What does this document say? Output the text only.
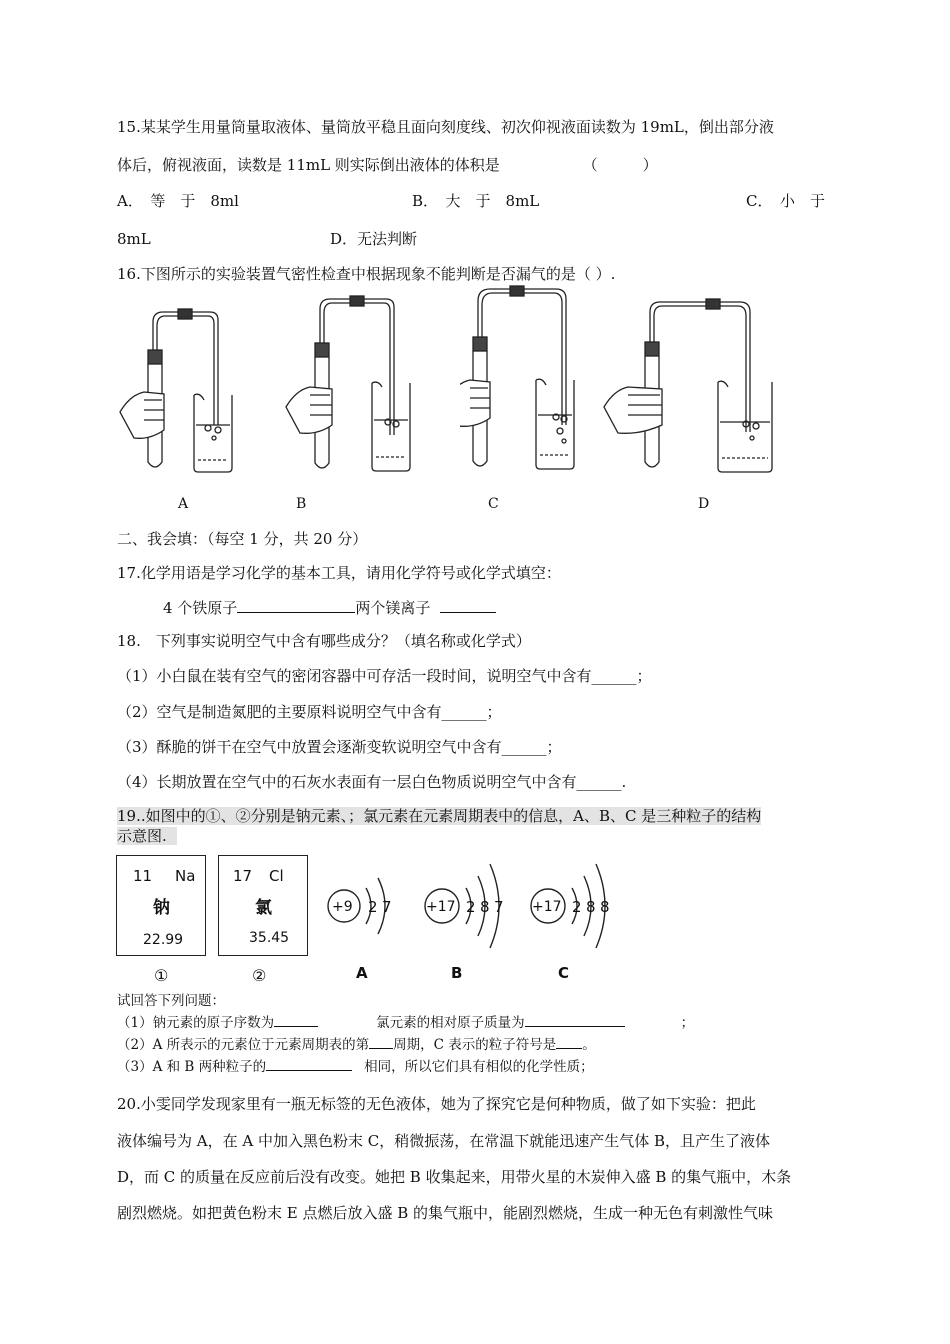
15.某某学生用量筒量取液体、量筒放平稳且面向刻度线、初次仰视液面读数为 19mL，倒出部分液
体后，俯视液面，读数是 11mL 则实际倒出液体的体积是	（　　　）
A．　等　于　8ml	B．　大　于　8mL	C．　小　于
8mL	D．无法判断
16.下图所示的实验装置气密性检查中根据现象不能判断是否漏气的是（ ）.
A	B	C	D
二、我会填：（每空 1 分，共 20 分）
17.化学用语是学习化学的基本工具，请用化学符号或化学式填空：
4 个铁原子	两个镁离子
18.　下列事实说明空气中含有哪些成分？（填名称或化学式）
（1）小白鼠在装有空气的密闭容器中可存活一段时间，说明空气中含有______；
（2）空气是制造氮肥的主要原料说明空气中含有______；
（3）酥脆的饼干在空气中放置会逐渐变软说明空气中含有______；
（4）长期放置在空气中的石灰水表面有一层白色物质说明空气中含有______.
19..如图中的①、②分别是钠元素、；氯元素在元素周期表中的信息，A、B、C 是三种粒子的结构
示意图.
11 Na
钠
22.99
①
17 Cl
氯
35.45
②
+9 2 7 +17 2 8 7 +17 2 8 8
A	B	C
试回答下列问题：
（1）钠元素的原子序数为	氯元素的相对原子质量为	；
（2）A 所表示的元素位于元素周期表的第 周期，C 表示的粒子符号是 。
（3）A 和 B 两种粒子的	相同，所以它们具有相似的化学性质；
20.小雯同学发现家里有一瓶无标签的无色液体，她为了探究它是何种物质，做了如下实验：把此
液体编号为 A，在 A 中加入黑色粉末 C，稍微振荡，在常温下就能迅速产生气体 B，且产生了液体
D，而 C 的质量在反应前后没有改变。她把 B 收集起来，用带火星的木炭伸入盛 B 的集气瓶中，木条
剧烈燃烧。如把黄色粉末 E 点燃后放入盛 B 的集气瓶中，能剧烈燃烧，生成一种无色有刺激性气味
